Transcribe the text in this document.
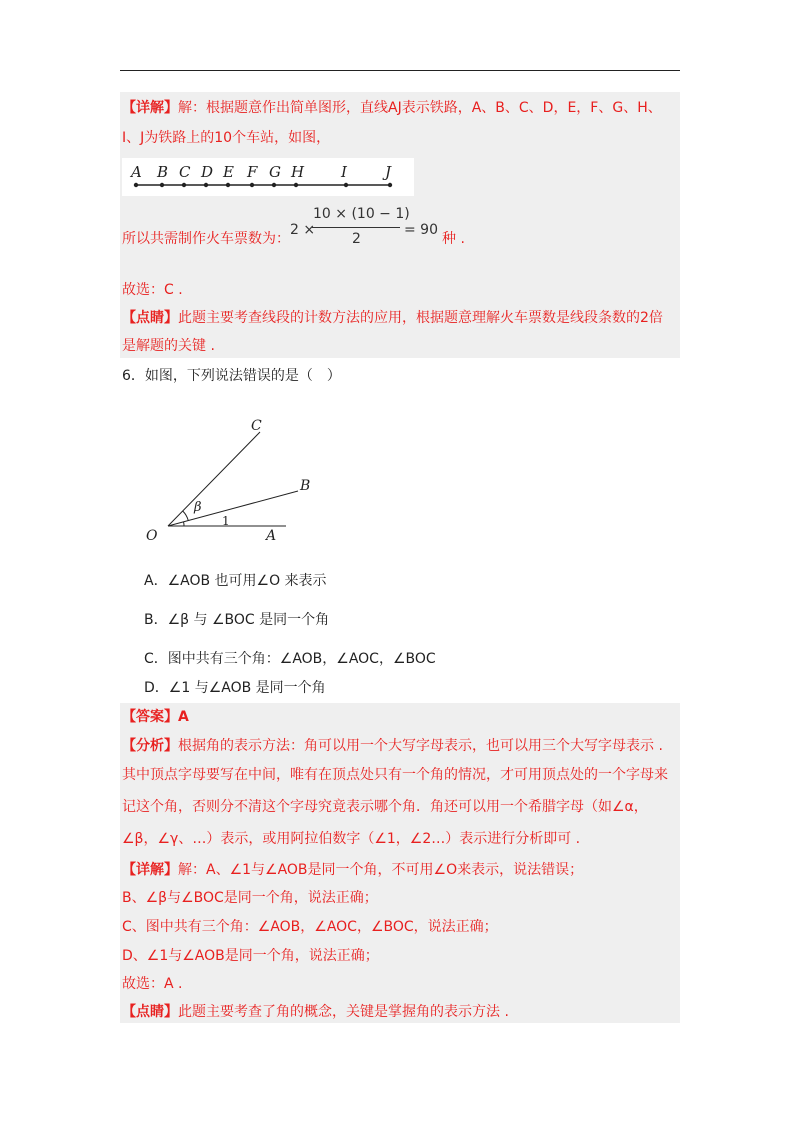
【详解】解：根据题意作出简单图形，直线AJ表示铁路，A、B、C、D，E，F、G、H、
I、J为铁路上的10个车站，如图，
A B C D E F G H I	J
所以共需制作火车票数为：
2 ×
10 × (10 − 1)
2
= 90
种 .
故选：C .
【点睛】此题主要考查线段的计数方法的应用，根据题意理解火车票数是线段条数的2倍
是解题的关键 .
6．如图，下列说法错误的是（　）
C
B
O	A
β
1
A．∠AOB 也可用∠O 来表示
B．∠β 与 ∠BOC 是同一个角
C．图中共有三个角：∠AOB，∠AOC，∠BOC
D．∠1 与∠AOB 是同一个角
【答案】A
【分析】根据角的表示方法：角可以用一个大写字母表示，也可以用三个大写字母表示 .
其中顶点字母要写在中间，唯有在顶点处只有一个角的情况，才可用顶点处的一个字母来
记这个角，否则分不清这个字母究竟表示哪个角．角还可以用一个希腊字母（如∠α，
∠β，∠γ、…）表示，或用阿拉伯数字（∠1，∠2…）表示进行分析即可 .
【详解】解：A、∠1与∠AOB是同一个角，不可用∠O来表示，说法错误；
B、∠β与∠BOC是同一个角，说法正确；
C、图中共有三个角：∠AOB，∠AOC，∠BOC，说法正确；
D、∠1与∠AOB是同一个角，说法正确；
故选：A .
【点睛】此题主要考查了角的概念，关键是掌握角的表示方法 .
